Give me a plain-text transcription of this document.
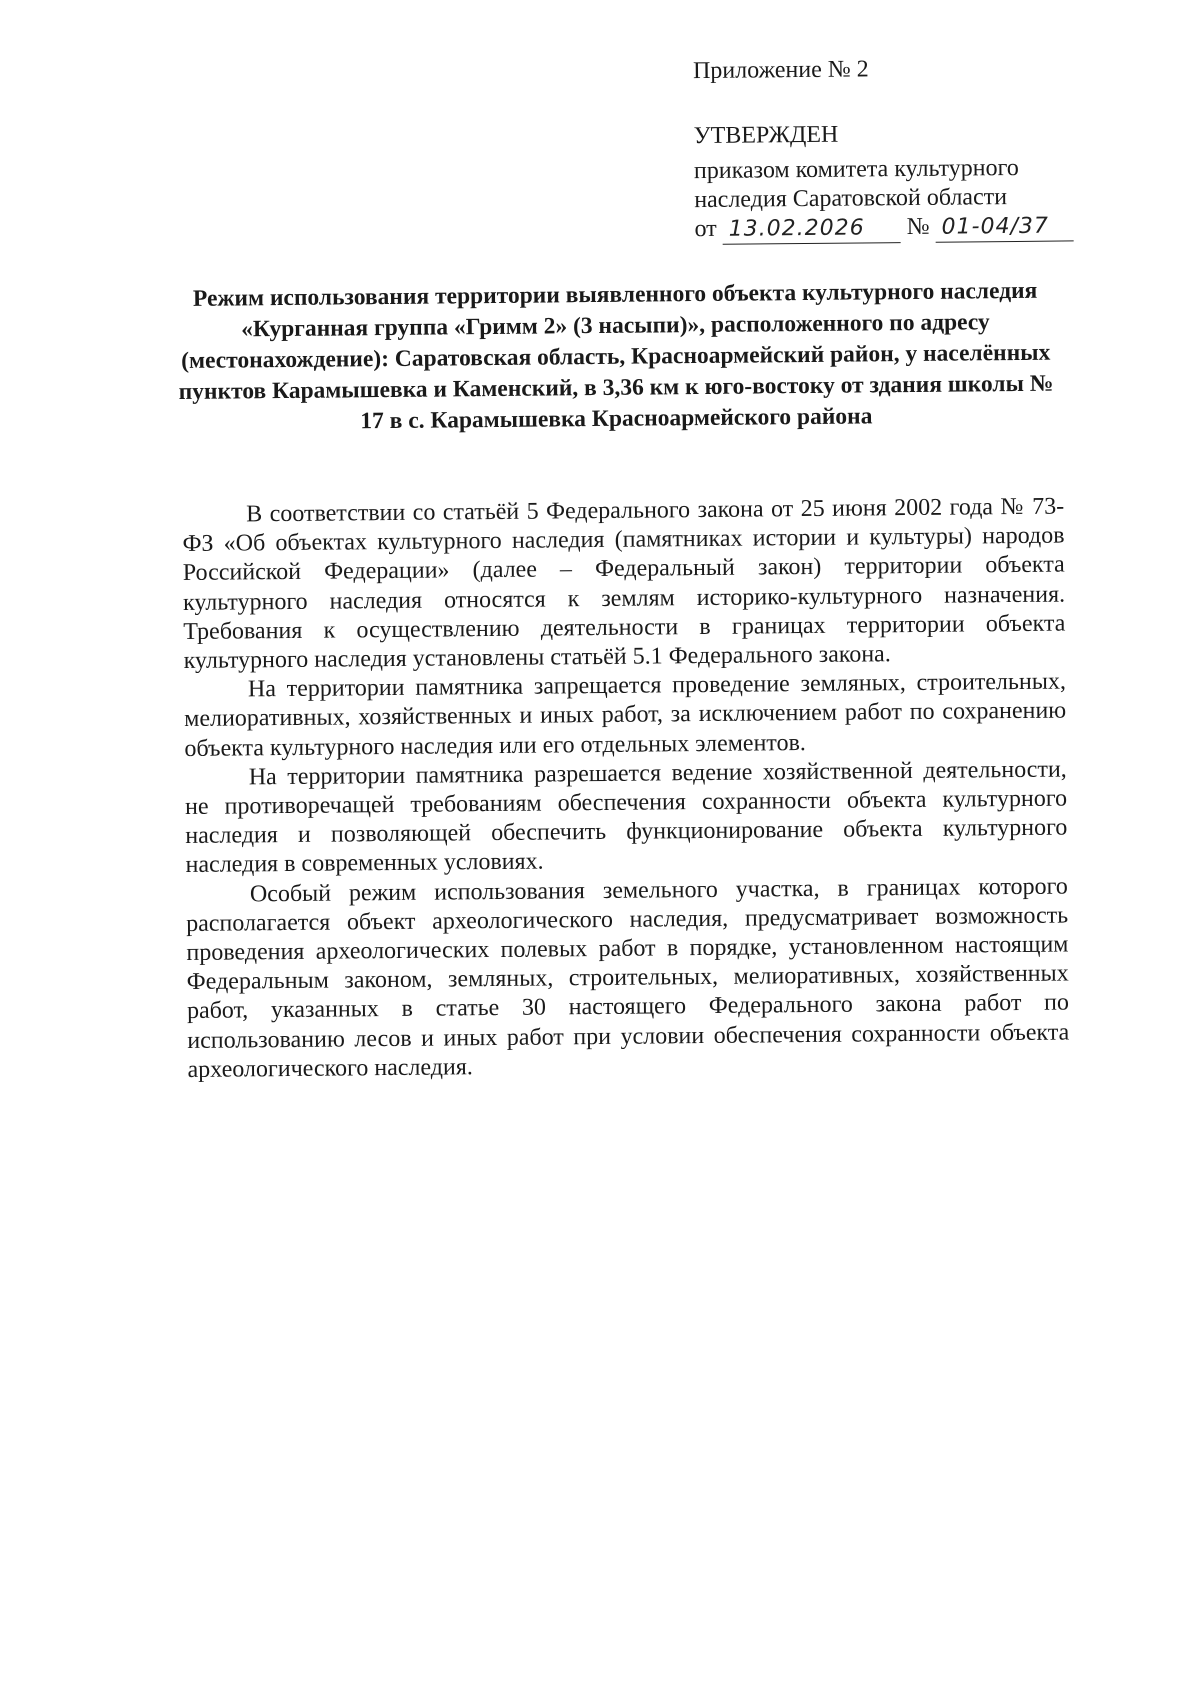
Приложение № 2
УТВЕРЖДЕН
приказом комитета культурного
наследия Саратовской области
от 13.02.2026 № 01-04/37
Режим использования территории выявленного объекта культурного наследия «Курганная группа «Гримм 2» (3 насыпи)», расположенного по адресу (местонахождение): Саратовская область, Красноармейский район, у населённых пунктов Карамышевка и Каменский, в 3,36 км к юго-востоку от здания школы № 17 в с. Карамышевка Красноармейского района

В соответствии со статьёй 5 Федерального закона от 25 июня 2002 года № 73-ФЗ «Об объектах культурного наследия (памятниках истории и культуры) народов Российской Федерации» (далее – Федеральный закон) территории объекта культурного наследия относятся к землям историко-культурного назначения. Требования к осуществлению деятельности в границах территории объекта культурного наследия установлены статьёй 5.1 Федерального закона.

На территории памятника запрещается проведение земляных, строительных, мелиоративных, хозяйственных и иных работ, за исключением работ по сохранению объекта культурного наследия или его отдельных элементов.

На территории памятника разрешается ведение хозяйственной деятельности, не противоречащей требованиям обеспечения сохранности объекта культурного наследия и позволяющей обеспечить функционирование объекта культурного наследия в современных условиях.

Особый режим использования земельного участка, в границах которого располагается объект археологического наследия, предусматривает возможность проведения археологических полевых работ в порядке, установленном настоящим Федеральным законом, земляных, строительных, мелиоративных, хозяйственных работ, указанных в статье 30 настоящего Федерального закона работ по использованию лесов и иных работ при условии обеспечения сохранности объекта археологического наследия.
